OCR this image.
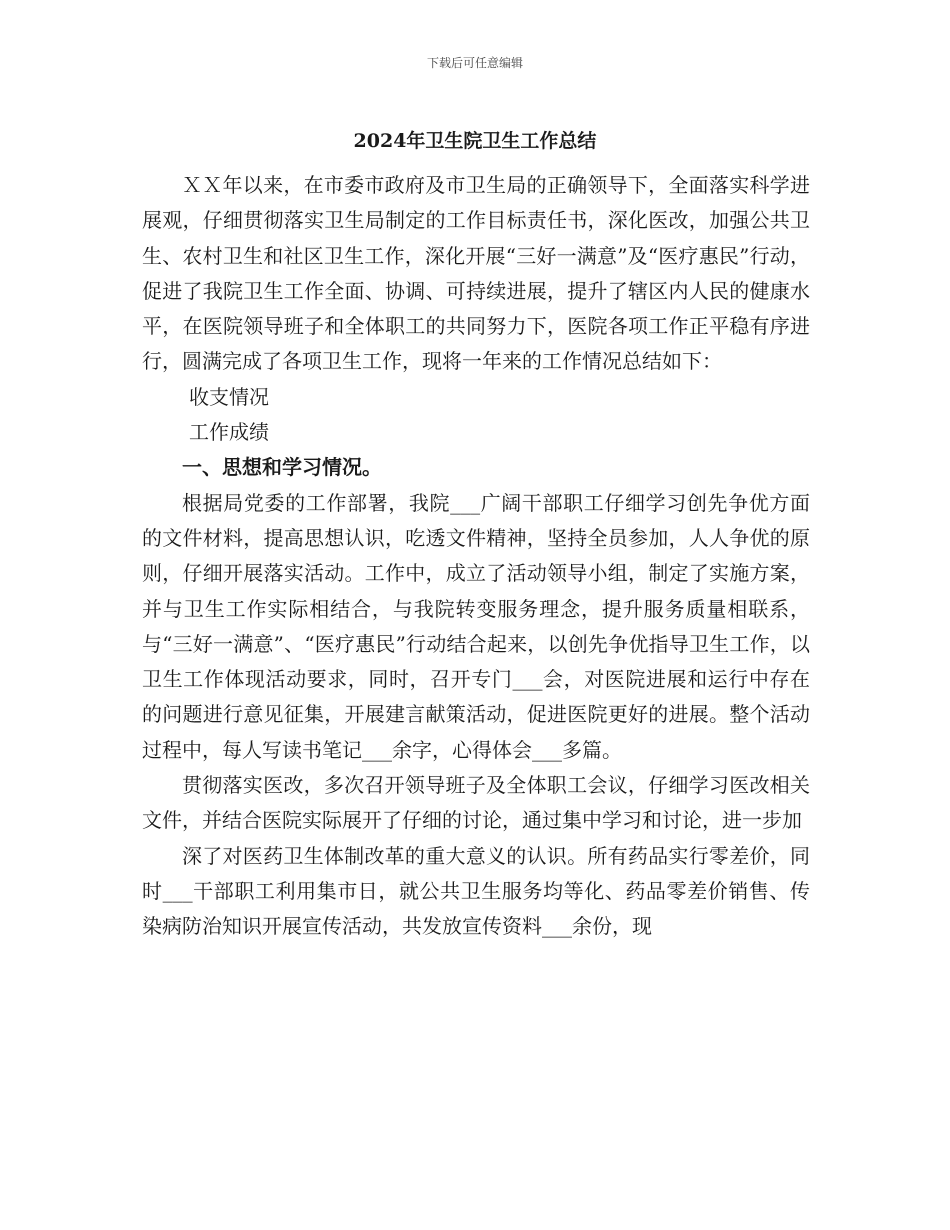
下载后可任意编辑
2024年卫生院卫生工作总结

ＸＸ年以来，在市委市政府及市卫生局的正确领导下，全面落实科学进展观，仔细贯彻落实卫生局制定的工作目标责任书，深化医改，加强公共卫生、农村卫生和社区卫生工作，深化开展“三好一满意”及“医疗惠民”行动，促进了我院卫生工作全面、协调、可持续进展，提升了辖区内人民的健康水平，在医院领导班子和全体职工的共同努力下，医院各项工作正平稳有序进行，圆满完成了各项卫生工作，现将一年来的工作情况总结如下：

收支情况

工作成绩

一、思想和学习情况。

根据局党委的工作部署，我院___广阔干部职工仔细学习创先争优方面的文件材料，提高思想认识，吃透文件精神，坚持全员参加，人人争优的原则，仔细开展落实活动。工作中，成立了活动领导小组，制定了实施方案，并与卫生工作实际相结合，与我院转变服务理念，提升服务质量相联系，与“三好一满意”、“医疗惠民”行动结合起来，以创先争优指导卫生工作，以卫生工作体现活动要求，同时，召开专门___会，对医院进展和运行中存在的问题进行意见征集，开展建言献策活动，促进医院更好的进展。整个活动过程中，每人写读书笔记___余字，心得体会___多篇。

贯彻落实医改，多次召开领导班子及全体职工会议，仔细学习医改相关文件，并结合医院实际展开了仔细的讨论，通过集中学习和讨论，进一步加

深了对医药卫生体制改革的重大意义的认识。所有药品实行零差价，同时___干部职工利用集市日，就公共卫生服务均等化、药品零差价销售、传染病防治知识开展宣传活动，共发放宣传资料___余份，现
